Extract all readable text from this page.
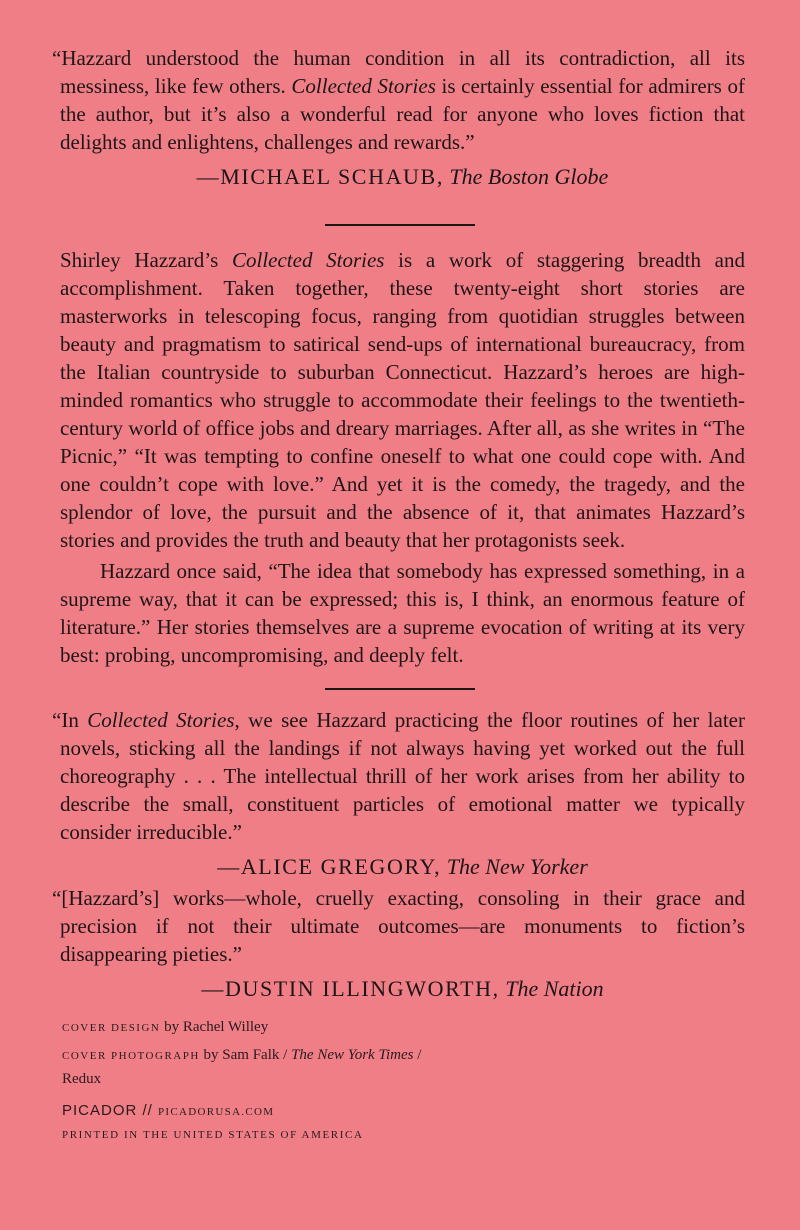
“Hazzard understood the human condition in all its contradiction, all its messiness, like few others. Collected Stories is certainly essential for admirers of the author, but it’s also a wonderful read for anyone who loves fiction that delights and enlightens, challenges and rewards.”

—MICHAEL SCHAUB, The Boston Globe

Shirley Hazzard’s Collected Stories is a work of staggering breadth and accomplishment. Taken together, these twenty-eight short stories are masterworks in telescoping focus, ranging from quotidian struggles between beauty and pragmatism to satirical send-ups of international bureaucracy, from the Italian countryside to suburban Connecticut. Hazzard’s heroes are high-minded romantics who struggle to accommodate their feelings to the twentieth-century world of office jobs and dreary marriages. After all, as she writes in “The Picnic,” “It was tempting to confine oneself to what one could cope with. And one couldn’t cope with love.” And yet it is the comedy, the tragedy, and the splendor of love, the pursuit and the absence of it, that animates Hazzard’s stories and provides the truth and beauty that her protagonists seek.

Hazzard once said, “The idea that somebody has expressed something, in a supreme way, that it can be expressed; this is, I think, an enormous feature of literature.” Her stories themselves are a supreme evocation of writing at its very best: probing, uncompromising, and deeply felt.

“In Collected Stories, we see Hazzard practicing the floor routines of her later novels, sticking all the landings if not always having yet worked out the full choreography . . . The intellectual thrill of her work arises from her ability to describe the small, constituent particles of emotional matter we typically consider irreducible.”

—ALICE GREGORY, The New Yorker

“[Hazzard’s] works—whole, cruelly exacting, consoling in their grace and precision if not their ultimate outcomes—are monuments to fiction’s disappearing pieties.”

—DUSTIN ILLINGWORTH, The Nation

COVER DESIGN by Rachel Willey
COVER PHOTOGRAPH by Sam Falk / The New York Times / Redux
PICADOR // PICADORUSA.COM
PRINTED IN THE UNITED STATES OF AMERICA
